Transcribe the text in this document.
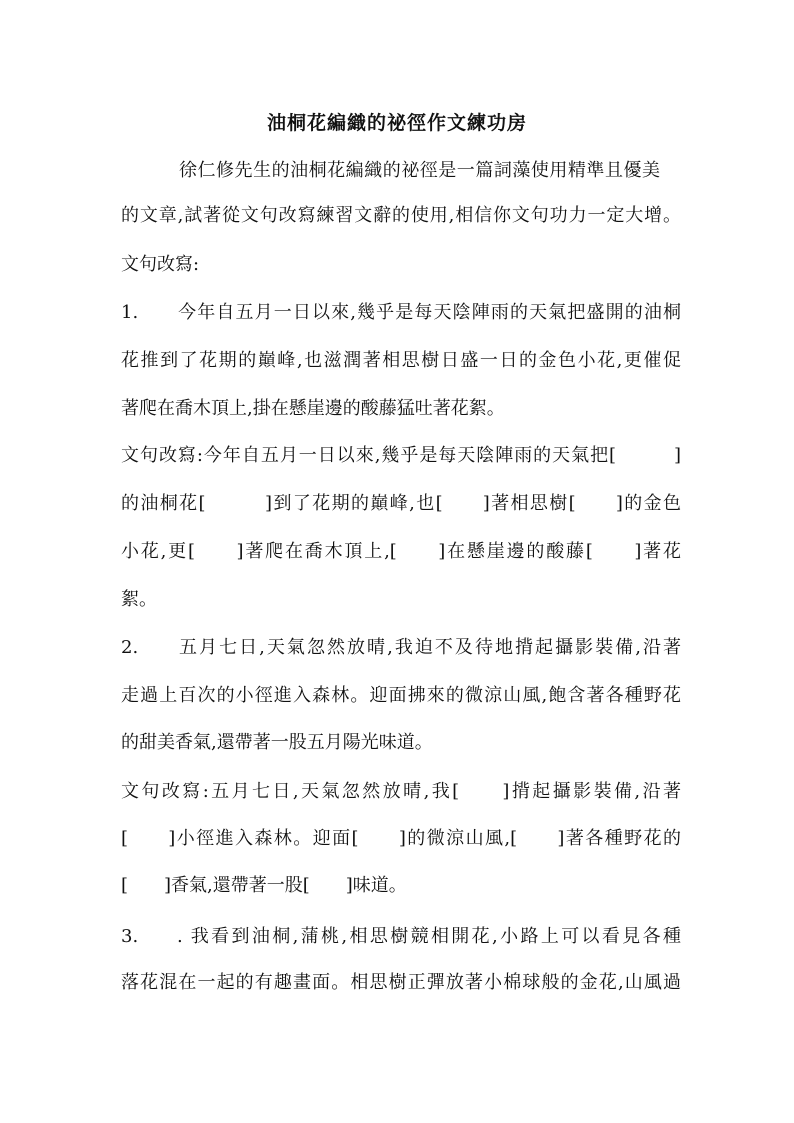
油桐花編織的祕徑作文練功房
徐仁修先生的油桐花編織的祕徑是一篇詞藻使用精準且優美
的文章,試著從文句改寫練習文辭的使用,相信你文句功力一定大增。
文句改寫:
1. 今年自五月一日以來,幾乎是每天陰陣雨的天氣把盛開的油桐
花推到了花期的巔峰,也滋潤著相思樹日盛一日的金色小花,更催促
著爬在喬木頂上,掛在懸崖邊的酸藤猛吐著花絮。
文句改寫:今年自五月一日以來,幾乎是每天陰陣雨的天氣把[　　　]
的油桐花[　　　]到了花期的巔峰,也[　　]著相思樹[　　]的金色
小花,更[　　]著爬在喬木頂上,[　　]在懸崖邊的酸藤[　　]著花
絮。
2. 五月七日,天氣忽然放晴,我迫不及待地揹起攝影裝備,沿著
走過上百次的小徑進入森林。迎面拂來的微涼山風,飽含著各種野花
的甜美香氣,還帶著一股五月陽光味道。
文句改寫:五月七日,天氣忽然放晴,我[　　]揹起攝影裝備,沿著
[　　]小徑進入森林。迎面[　　]的微涼山風,[　　]著各種野花的
[　　]香氣,還帶著一股[　　]味道。
3. . 我看到油桐,蒲桃,相思樹競相開花,小路上可以看見各種
落花混在一起的有趣畫面。相思樹正彈放著小棉球般的金花,山風過
